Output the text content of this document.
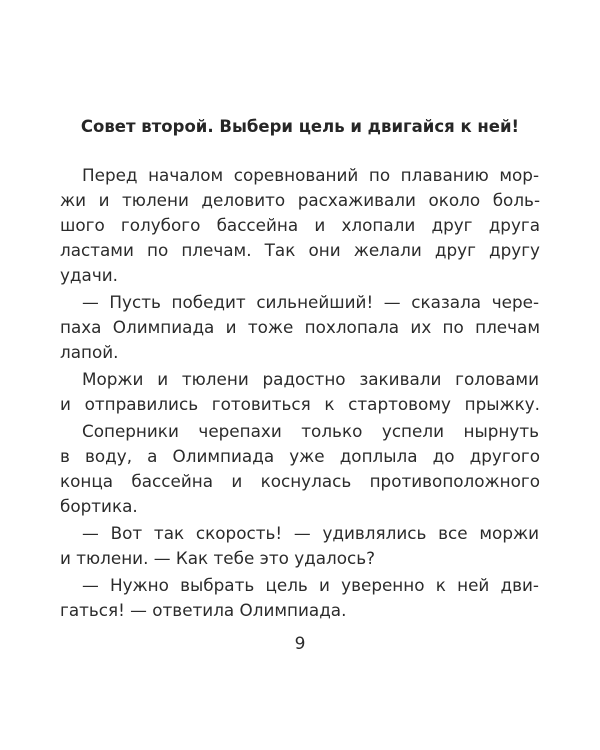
Совет второй. Выбери цель и двигайся к ней!
Перед началом соревнований по плаванию мор-
жи и тюлени деловито расхаживали около боль-
шого голубого бассейна и хлопали друг друга
ластами по плечам. Так они желали друг другу
удачи.
— Пусть победит сильнейший! — сказала чере-
паха Олимпиада и тоже похлопала их по плечам
лапой.
Моржи и тюлени радостно закивали головами
и отправились готовиться к стартовому прыжку.
Соперники черепахи только успели нырнуть
в воду, а Олимпиада уже доплыла до другого
конца бассейна и коснулась противоположного
бортика.
— Вот так скорость! — удивлялись все моржи
и тюлени. — Как тебе это удалось?
— Нужно выбрать цель и уверенно к ней дви-
гаться! — ответила Олимпиада.
9
